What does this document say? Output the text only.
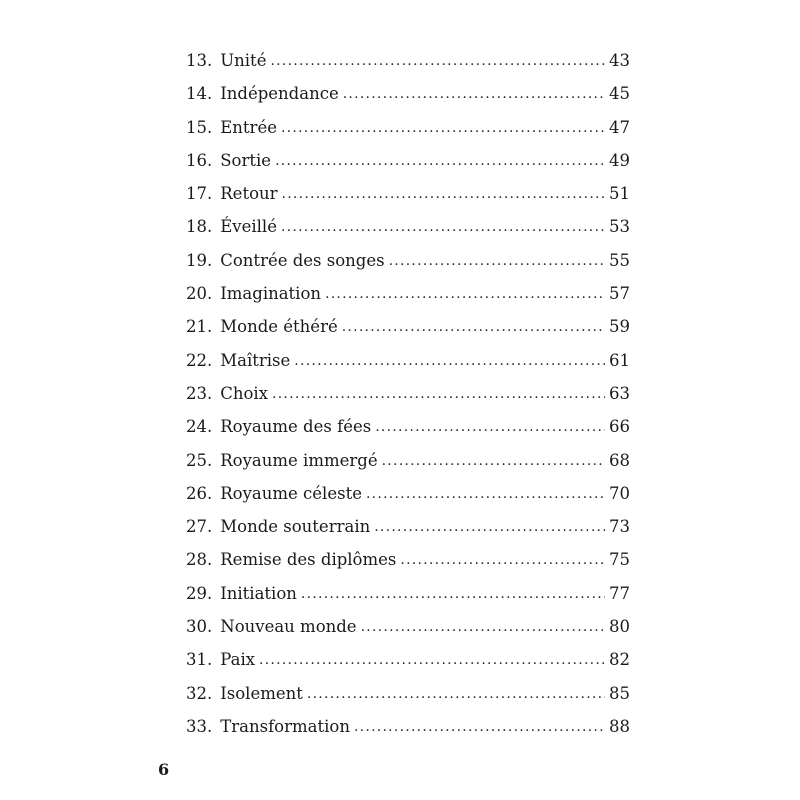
13. Unité . . .	43
14. Indépendance . . .	45
15. Entrée . . .	47
16. Sortie . . .	49
17. Retour . . .	51
18. Éveillé . . .	53
19. Contrée des songes . . .	55
20. Imagination . . .	57
21. Monde éthéré . . .	59
22. Maîtrise . . .	61
23. Choix . . .	63
24. Royaume des fées . . .	66
25. Royaume immergé . . .	68
26. Royaume céleste . . .	70
27. Monde souterrain . . .	73
28. Remise des diplômes . . .	75
29. Initiation . . .	77
30. Nouveau monde . . .	80
31. Paix . . .	82
32. Isolement . . .	85
33. Transformation . . .	88
6
